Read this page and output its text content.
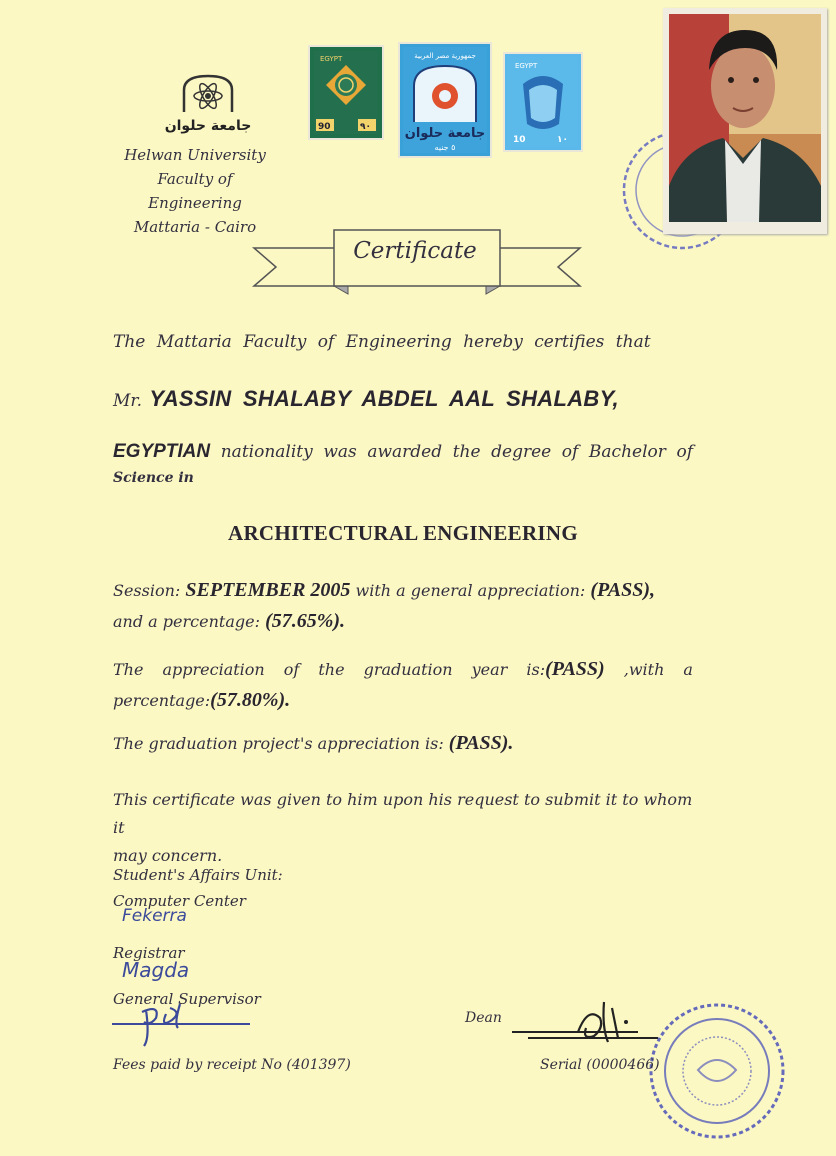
جامعة حلوان
Helwan University
Faculty of Engineering
Mattaria - Cairo
EGYPT
90	٩٠
جمهورية مصر العربية
جامعة حلوان
٥ جنيه
EGYPT
10	١٠
Certificate
The Mattaria Faculty of Engineering hereby certifies that
Mr. YASSIN SHALABY ABDEL AAL SHALABY,
EGYPTIAN nationality was awarded the degree of Bachelor of
Science in
ARCHITECTURAL ENGINEERING
Session: SEPTEMBER 2005 with a general appreciation: (PASS),
and a percentage: (57.65%).
The appreciation of the graduation year is:(PASS) ,with a
percentage:(57.80%).
The graduation project's appreciation is: (PASS).
This certificate was given to him upon his request to submit it to whom it
may concern.
Student's Affairs Unit:
Computer Center
Registrar
General Supervisor
Fekerra
Magda
Dean
Fees paid by receipt No (401397)	Serial (0000466)
